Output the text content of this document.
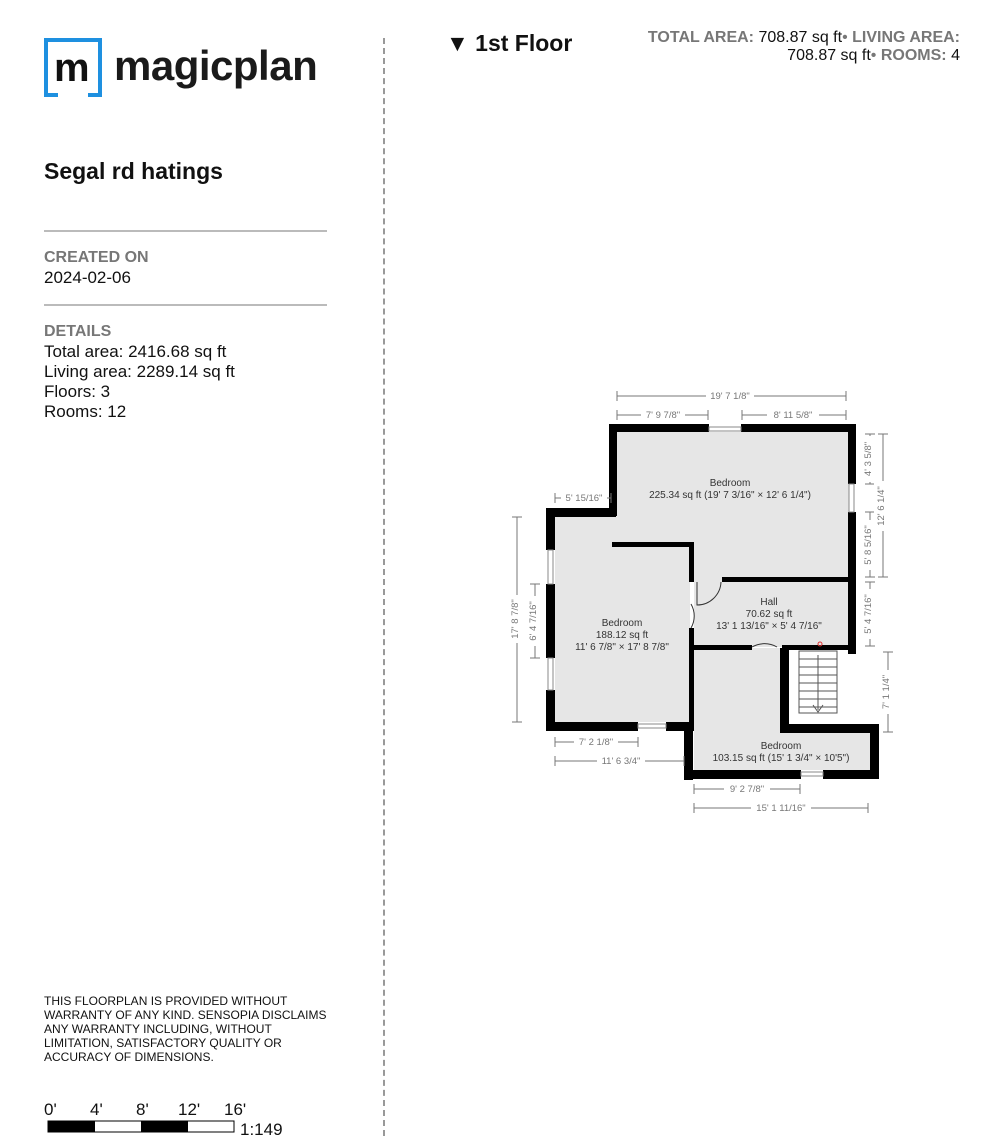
m magicplan
Segal rd hatings
CREATED ON
2024-02-06
DETAILS
Total area: 2416.68 sq ft
Living area: 2289.14 sq ft
Floors: 3
Rooms: 12
▼ 1st Floor	TOTAL AREA: 708.87 sq ft• LIVING AREA:
708.87 sq ft• ROOMS: 4
Bedroom
225.34 sq ft (19' 7 3/16" × 12' 6 1/4")
Bedroom
188.12 sq ft
11' 6 7/8" × 17' 8 7/8"
Hall
70.62 sq ft
13' 1 13/16" × 5' 4 7/16"
Bedroom
103.15 sq ft (15' 1 3/4" × 10'5")
19' 7 1/8"
7' 9 7/8"	8' 11 5/8"
5' 15/16"
7' 2 1/8"
11' 6 3/4"
9' 2 7/8"
15' 1 11/16"
4' 3 5/8"
12' 6 1/4"
5' 8 5/16"
5' 4 7/16"
7' 1 1/4"
17' 8 7/8" 6' 4 7/16"
THIS FLOORPLAN IS PROVIDED WITHOUT WARRANTY OF ANY KIND. SENSOPIA DISCLAIMS ANY WARRANTY INCLUDING, WITHOUT LIMITATION, SATISFACTORY QUALITY OR ACCURACY OF DIMENSIONS.
0' 4' 8' 12' 16'
1:149
